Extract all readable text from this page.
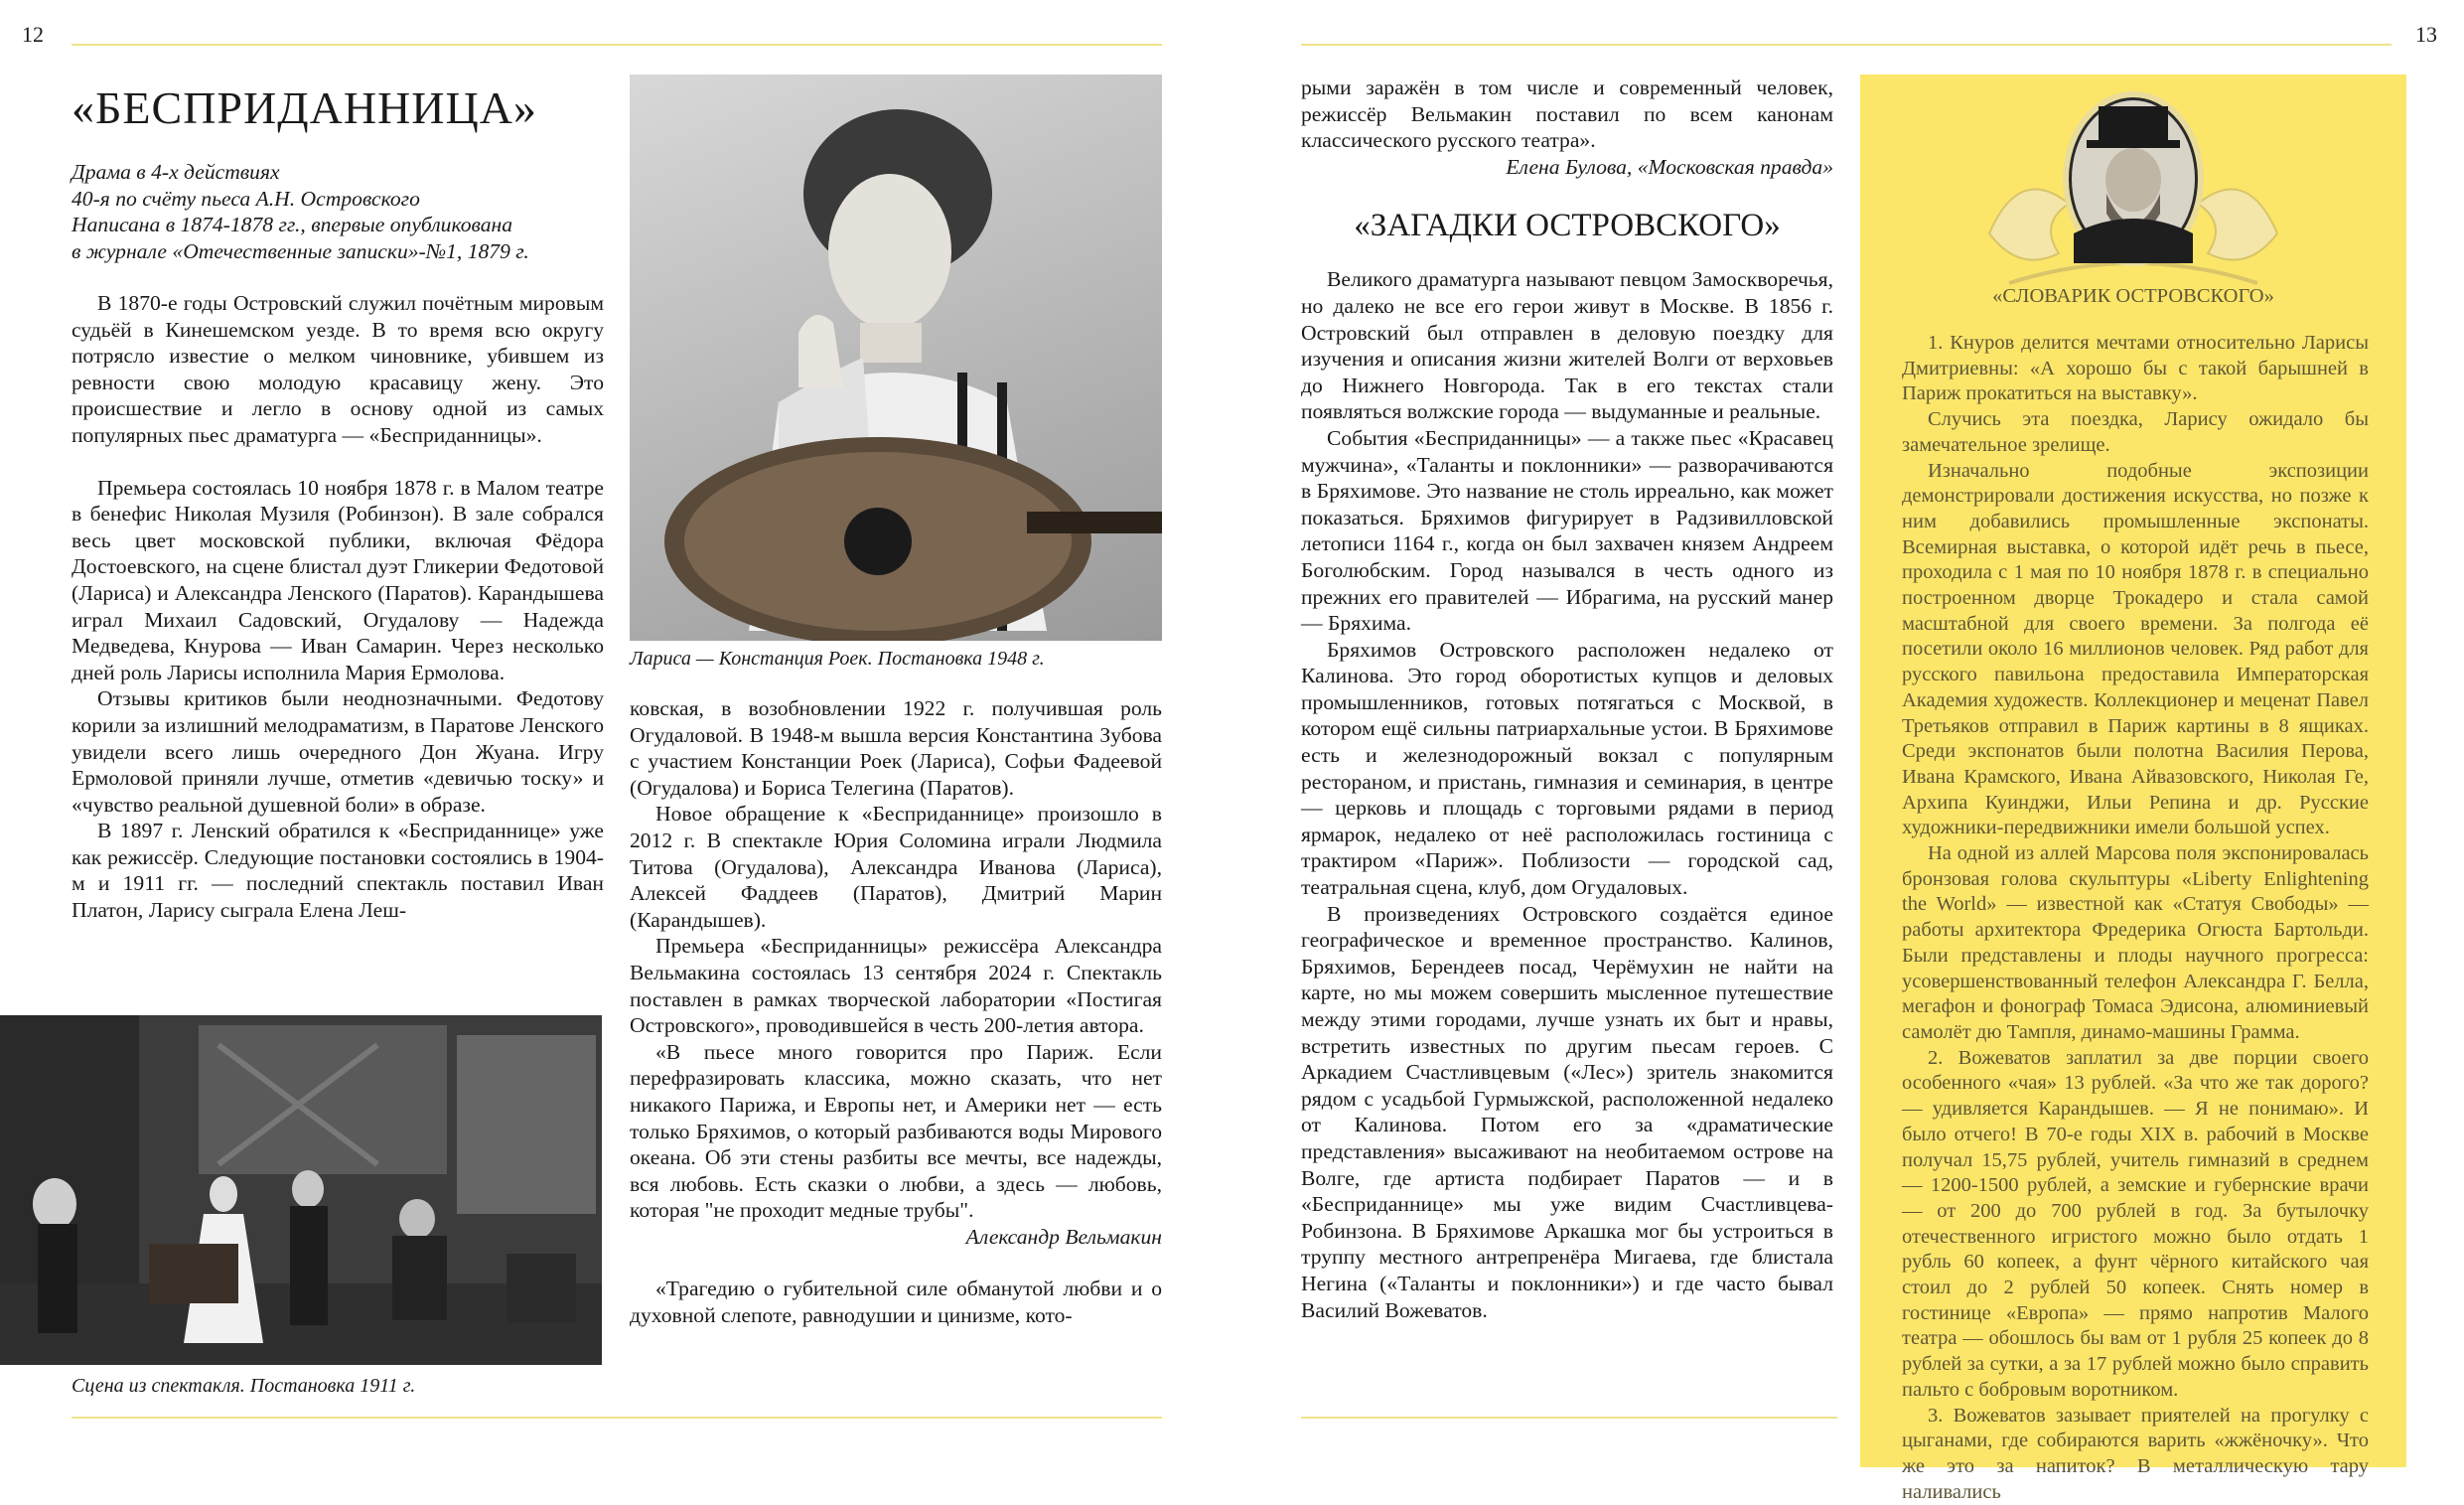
12	13
«БЕСПРИДАННИЦА»
Драма в 4-х действиях
40-я по счёту пьеса А.Н. Островского
Написана в 1874-1878 гг., впервые опубликована
в журнале «Отечественные записки»-№1, 1879 г.

В 1870-е годы Островский служил почётным мировым судьёй в Кинешемском уезде. В то время всю округу потрясло известие о мелком чиновнике, убившем из ревности свою молодую красавицу жену. Это происшествие и легло в основу одной из самых популярных пьес драматурга — «Бесприданницы».

Премьера состоялась 10 ноября 1878 г. в Малом театре в бенефис Николая Музиля (Робинзон). В зале собрался весь цвет московской публики, включая Фёдора Достоевского, на сцене блистал дуэт Гликерии Федотовой (Лариса) и Александра Ленского (Паратов). Карандышева играл Михаил Садовский, Огудалову — Надежда Медведева, Кнурова — Иван Самарин. Через несколько дней роль Ларисы исполнила Мария Ермолова.

Отзывы критиков были неоднозначными. Федотову корили за излишний мелодраматизм, в Паратове Ленского увидели всего лишь очередного Дон Жуана. Игру Ермоловой приняли лучше, отметив «девичью тоску» и «чувство реальной душевной боли» в образе.

В 1897 г. Ленский обратился к «Бесприданнице» уже как режиссёр. Следующие постановки состоялись в 1904-м и 1911 гг. — последний спектакль поставил Иван Платон, Ларису сыграла Елена Леш-

Лариса — Констанция Роек. Постановка 1948 г.
Сцена из спектакля. Постановка 1911 г.

ковская, в возобновлении 1922 г. получившая роль Огудаловой. В 1948-м вышла версия Константина Зубова с участием Констанции Роек (Лариса), Софьи Фадеевой (Огудалова) и Бориса Телегина (Паратов).

Новое обращение к «Бесприданнице» произошло в 2012 г. В спектакле Юрия Соломина играли Людмила Титова (Огудалова), Александра Иванова (Лариса), Алексей Фаддеев (Паратов), Дмитрий Марин (Карандышев).

Премьера «Бесприданницы» режиссёра Александра Вельмакина состоялась 13 сентября 2024 г. Спектакль поставлен в рамках творческой лаборатории «Постигая Островского», проводившейся в честь 200-летия автора.

«В пьесе много говорится про Париж. Если перефразировать классика, можно сказать, что нет никакого Парижа, и Европы нет, и Америки нет — есть только Бряхимов, о который разбиваются воды Мирового океана. Об эти стены разбиты все мечты, все надежды, вся любовь. Есть сказки о любви, а здесь — любовь, которая "не проходит медные трубы".

Александр Вельмакин

«Трагедию о губительной силе обманутой любви и о духовной слепоте, равнодушии и цинизме, кото-

рыми заражён в том числе и современный человек, режиссёр Вельмакин поставил по всем канонам классического русского театра».

Елена Булова, «Московская правда»

«ЗАГАДКИ ОСТРОВСКОГО»

Великого драматурга называют певцом Замоскворечья, но далеко не все его герои живут в Москве. В 1856 г. Островский был отправлен в деловую поездку для изучения и описания жизни жителей Волги от верховьев до Нижнего Новгорода. Так в его текстах стали появляться волжские города — выдуманные и реальные.

События «Бесприданницы» — а также пьес «Красавец мужчина», «Таланты и поклонники» — разворачиваются в Бряхимове. Это название не столь ирреально, как может показаться. Бряхимов фигурирует в Радзивилловской летописи 1164 г., когда он был захвачен князем Андреем Боголюбским. Город назывался в честь одного из прежних его правителей — Ибрагима, на русский манер — Бряхима.

Бряхимов Островского расположен недалеко от Калинова. Это город оборотистых купцов и деловых промышленников, готовых потягаться с Москвой, в котором ещё сильны патриархальные устои. В Бряхимове есть и железнодорожный вокзал с популярным рестораном, и пристань, гимназия и семинария, в центре — церковь и площадь с торговыми рядами в период ярмарок, недалеко от неё расположилась гостиница с трактиром «Париж». Поблизости — городской сад, театральная сцена, клуб, дом Огудаловых.

В произведениях Островского создаётся единое географическое и временное пространство. Калинов, Бряхимов, Берендеев посад, Черёмухин не найти на карте, но мы можем совершить мысленное путешествие между этими городами, лучше узнать их быт и нравы, встретить известных по другим пьесам героев. С Аркадием Счастливцевым («Лес») зритель знакомится рядом с усадьбой Гурмыжской, расположенной недалеко от Калинова. Потом его за «драматические представления» высаживают на необитаемом острове на Волге, где артиста подбирает Паратов — и в «Бесприданнице» мы уже видим Счастливцева-Робинзона. В Бряхимове Аркашка мог бы устроиться в труппу местного антрепренёра Мигаева, где блистала Негина («Таланты и поклонники») и где часто бывал Василий Вожеватов.

«СЛОВАРИК ОСТРОВСКОГО»

1. Кнуров делится мечтами относительно Ларисы Дмитриевны: «А хорошо бы с такой барышней в Париж прокатиться на выставку».

Случись эта поездка, Ларису ожидало бы замечательное зрелище.

Изначально подобные экспозиции демонстрировали достижения искусства, но позже к ним добавились промышленные экспонаты. Всемирная выставка, о которой идёт речь в пьесе, проходила с 1 мая по 10 ноября 1878 г. в специально построенном дворце Трокадеро и стала самой масштабной для своего времени. За полгода её посетили около 16 миллионов человек. Ряд работ для русского павильона предоставила Императорская Академия художеств. Коллекционер и меценат Павел Третьяков отправил в Париж картины в 8 ящиках. Среди экспонатов были полотна Василия Перова, Ивана Крамского, Ивана Айвазовского, Николая Ге, Архипа Куинджи, Ильи Репина и др. Русские художники-передвижники имели большой успех.

На одной из аллей Марсова поля экспонировалась бронзовая голова скульптуры «Liberty Enlightening the World» — известной как «Статуя Свободы» — работы архитектора Фредерика Огюста Бартольди. Были представлены и плоды научного прогресса: усовершенствованный телефон Александра Г. Белла, мегафон и фонограф Томаса Эдисона, алюминиевый самолёт дю Тампля, динамо-машины Грамма.

2. Вожеватов заплатил за две порции своего особенного «чая» 13 рублей. «За что же так дорого? — удивляется Карандышев. — Я не понимаю». И было отчего! В 70-е годы XIX в. рабочий в Москве получал 15,75 рублей, учитель гимназий в среднем — 1200-1500 рублей, а земские и губернские врачи — от 200 до 700 рублей в год. За бутылочку отечественного игристого можно было отдать 1 рубль 60 копеек, а фунт чёрного китайского чая стоил до 2 рублей 50 копеек. Снять номер в гостинице «Европа» — прямо напротив Малого театра — обошлось бы вам от 1 рубля 25 копеек до 8 рублей за сутки, а за 17 рублей можно было справить пальто с бобровым воротником.

3. Вожеватов зазывает приятелей на прогулку с цыганами, где собираются варить «жжёночку». Что же это за напиток? В металлическую тару наливались
